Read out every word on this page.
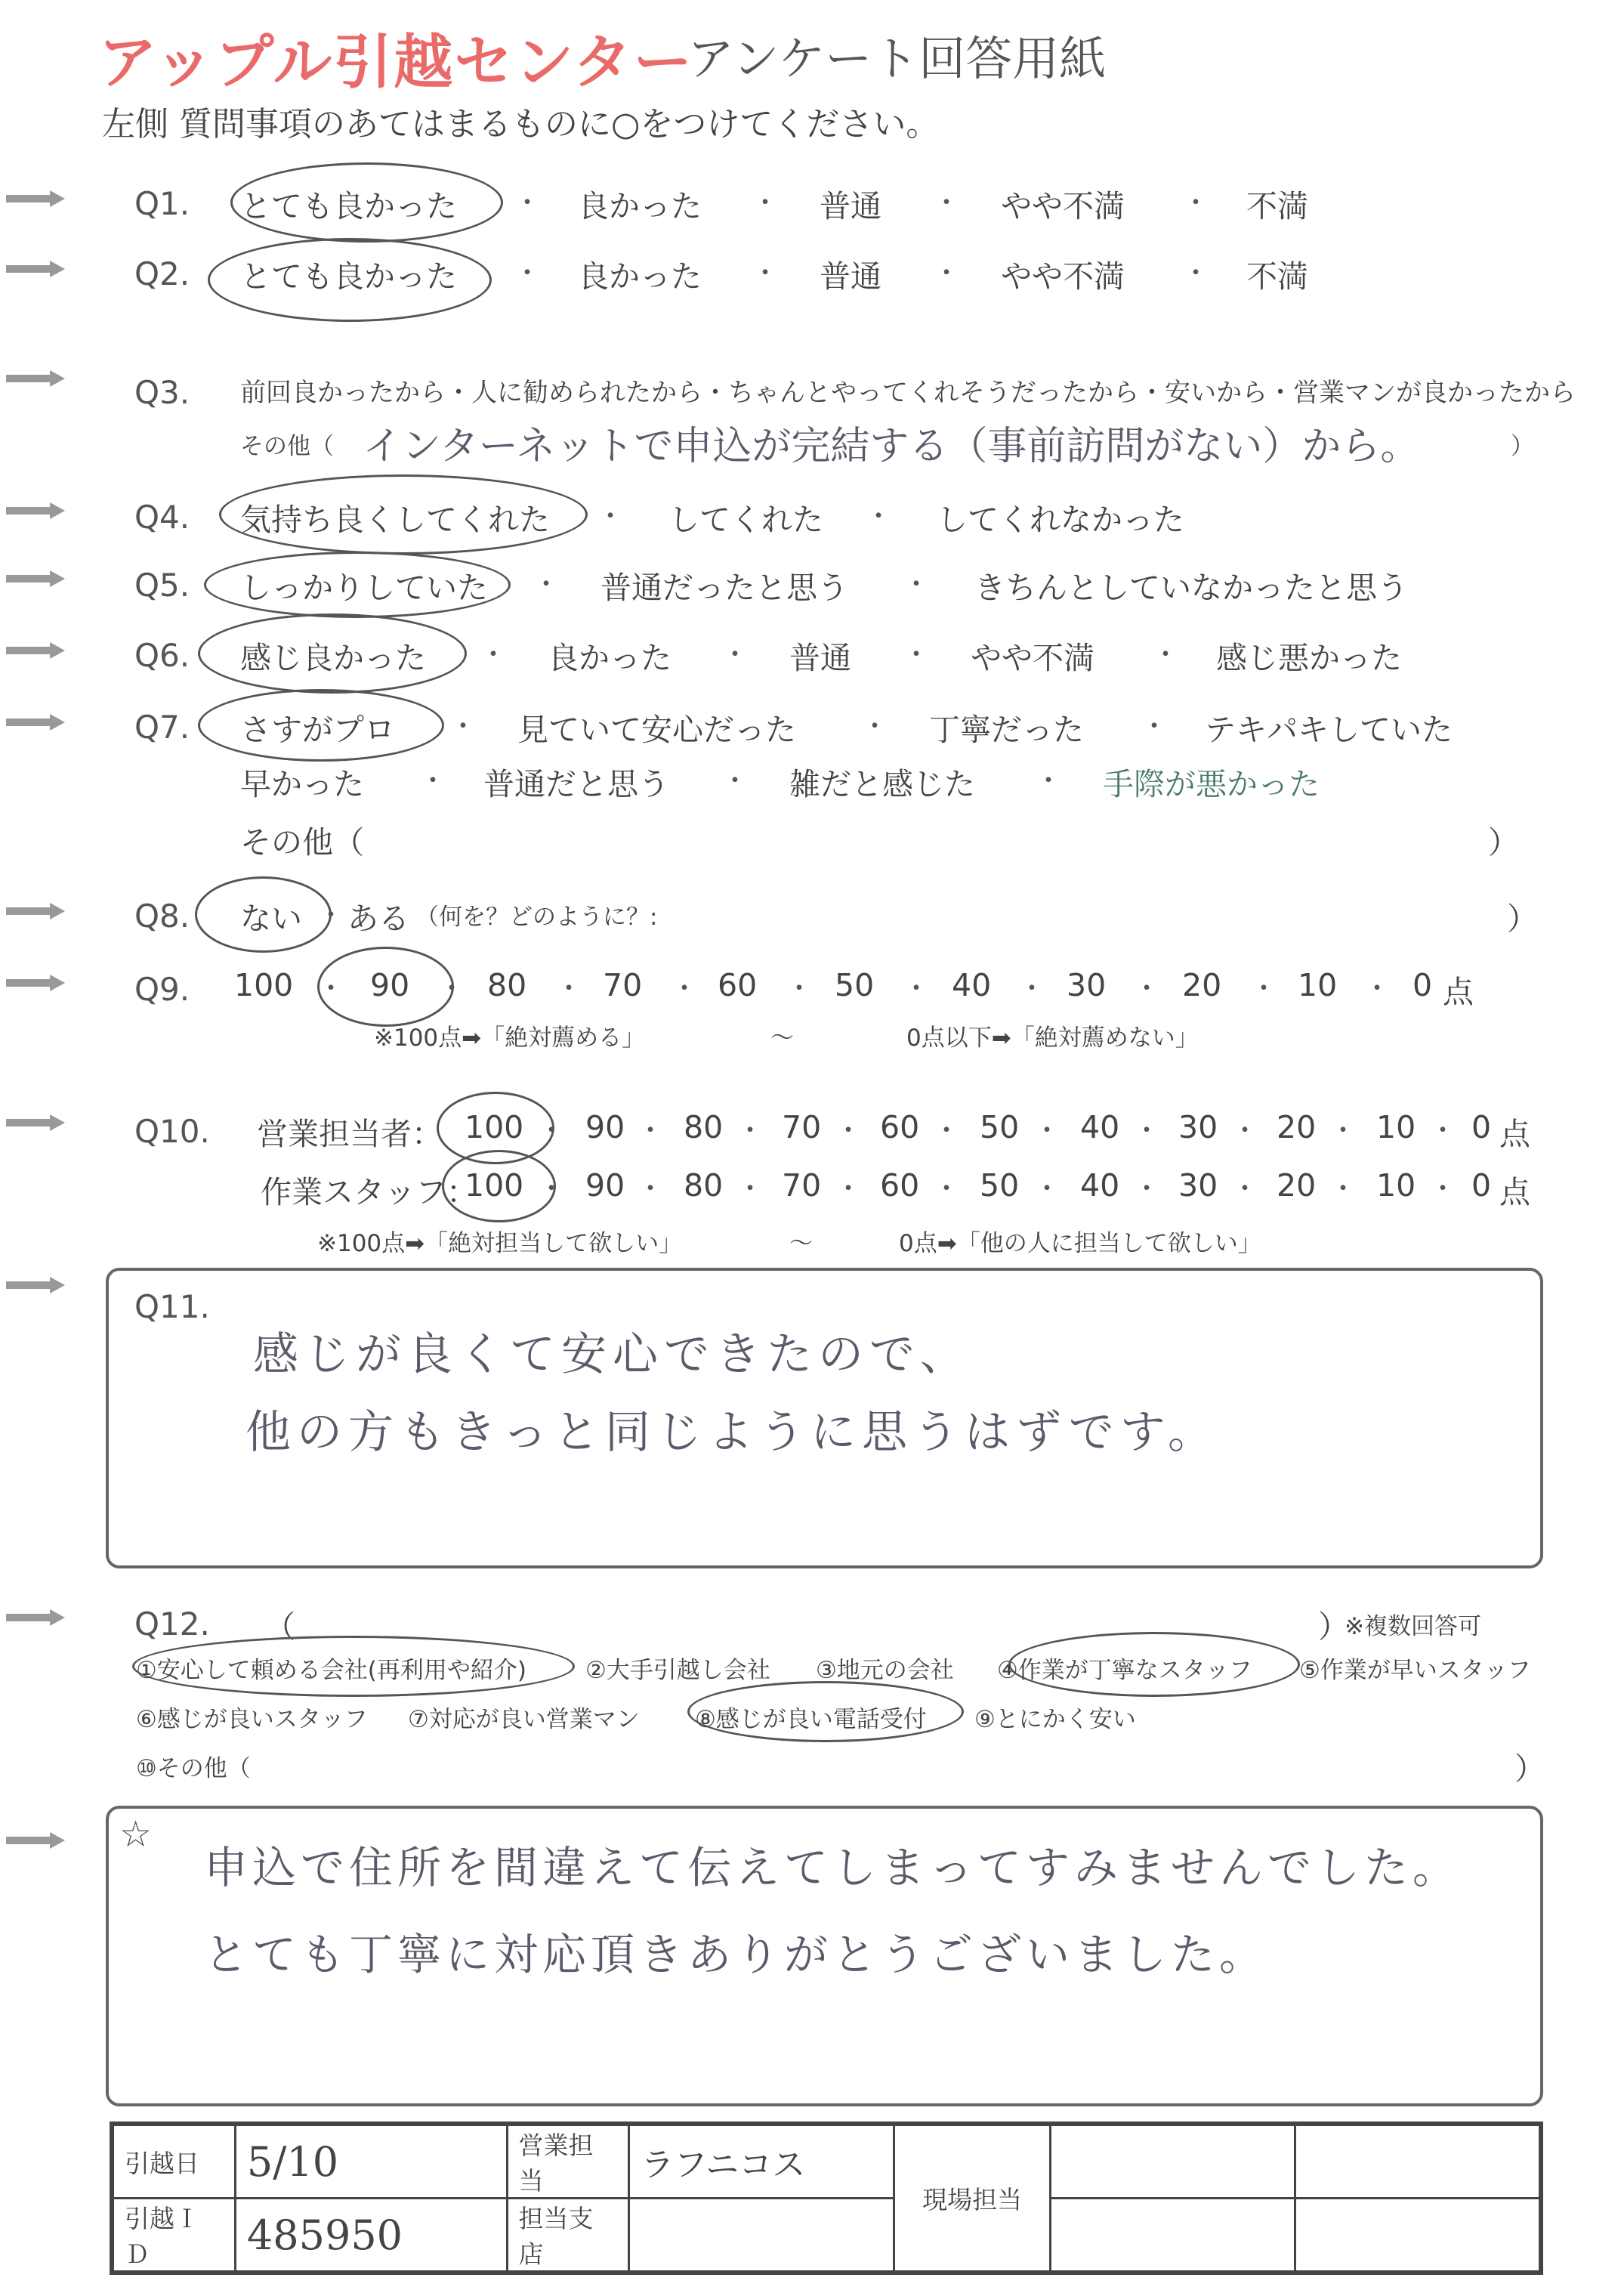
アップル引越センター
アンケート回答用紙
左側 質問事項のあてはまるものに○をつけてください。
Q1. とても良かった ・ 良かった ・ 普通 ・ やや不満 ・ 不満
Q2. とても良かった ・ 良かった ・ 普通 ・ やや不満 ・ 不満
Q3. 前回良かったから・人に勧められたから・ちゃんとやってくれそうだったから・安いから・営業マンが良かったから
その他（ インターネットで申込が完結する（事前訪問がない）から。	）
Q4. 気持ち良くしてくれた ・ してくれた ・ してくれなかった
Q5. しっかりしていた ・ 普通だったと思う ・ きちんとしていなかったと思う
Q6. 感じ良かった ・ 良かった ・ 普通 ・ やや不満 ・ 感じ悪かった
Q7. さすがプロ ・ 見ていて安心だった ・ 丁寧だった ・ テキパキしていた
早かった ・ 普通だと思う ・ 雑だと感じた ・ 手際が悪かった
その他（	）
Q8. ない ・ ある （何を？どのように？:	）
Q9. 100 ・ 90 ・ 80 ・ 70 ・ 60 ・ 50 ・ 40 ・ 30 ・ 20 ・ 10 ・ 0 点
※100点➡「絶対薦める」	〜	0点以下➡「絶対薦めない」
Q10. 営業担当者： 100 ・ 90 ・ 80 ・ 70 ・ 60 ・ 50 ・ 40 ・ 30 ・ 20 ・ 10 ・ 0 点
作業スタッフ：
100 ・ 90 ・ 80 ・ 70 ・ 60 ・ 50 ・ 40 ・ 30 ・ 20 ・ 10 ・ 0 点
※100点➡「絶対担当して欲しい」	〜	0点➡「他の人に担当して欲しい」
Q11.
感じが良くて安心できたので、
他の方もきっと同じように思うはずです。
Q12. （	）
※複数回答可
①安心して頼める会社(再利用や紹介)	②大手引越し会社 ③地元の会社 ④作業が丁寧なスタッフ ⑤作業が早いスタッフ
⑥感じが良いスタッフ ⑦対応が良い営業マン ⑧感じが良い電話受付 ⑨とにかく安い
⑩その他（	）
☆
申込で住所を間違えて伝えてしまってすみませんでした。
とても丁寧に対応頂きありがとうございました。
引越日	5/10	営業担当	ラフニコス	現場担当		
引越ＩＤ	485950	担当支店				
